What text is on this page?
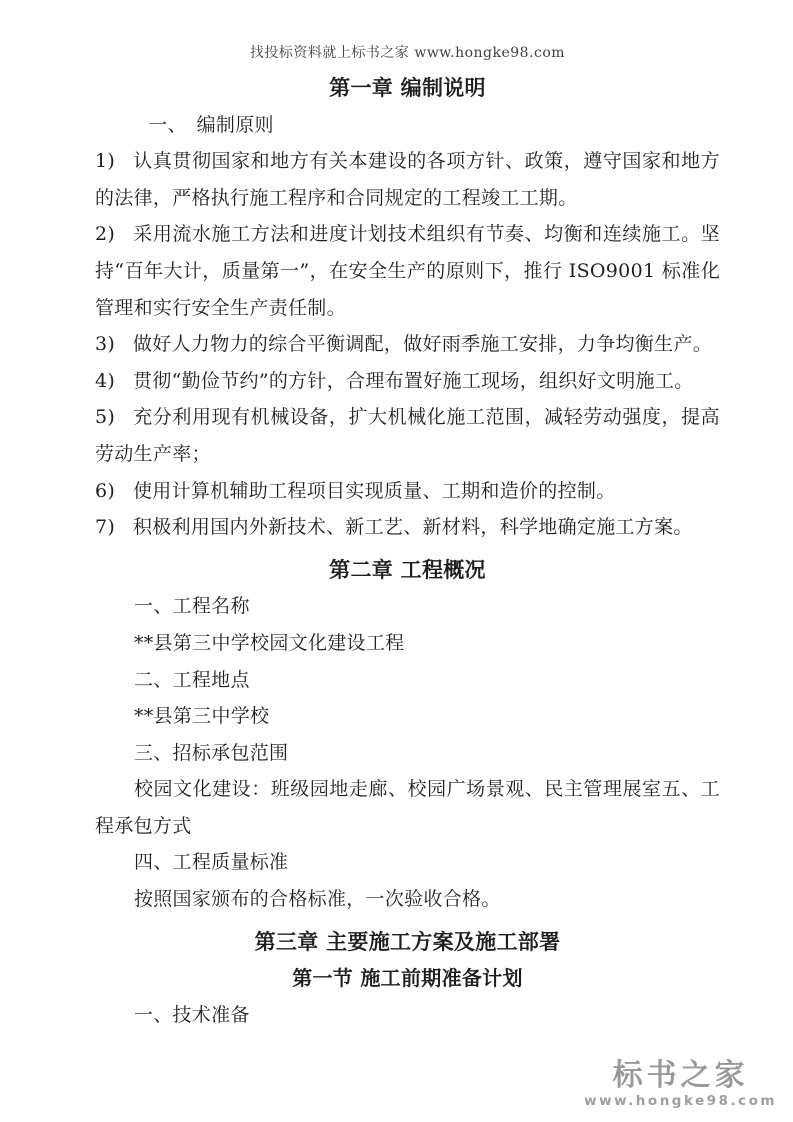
找投标资料就上标书之家 www.hongke98.com

第一章 编制说明

一、　编制原则

1) 认真贯彻国家和地方有关本建设的各项方针、政策，遵守国家和地方的法律，严格执行施工程序和合同规定的工程竣工工期。

2) 采用流水施工方法和进度计划技术组织有节奏、均衡和连续施工。坚持“百年大计，质量第一”，在安全生产的原则下，推行 ISO9001 标准化管理和实行安全生产责任制。

3) 做好人力物力的综合平衡调配，做好雨季施工安排，力争均衡生产。

4) 贯彻“勤俭节约”的方针，合理布置好施工现场，组织好文明施工。

5) 充分利用现有机械设备，扩大机械化施工范围，减轻劳动强度，提高劳动生产率；

6) 使用计算机辅助工程项目实现质量、工期和造价的控制。

7) 积极利用国内外新技术、新工艺、新材料，科学地确定施工方案。

第二章 工程概况

一、工程名称

**县第三中学校园文化建设工程

二、工程地点

**县第三中学校

三、招标承包范围

校园文化建设：班级园地走廊、校园广场景观、民主管理展室五、工程承包方式

四、工程质量标准

按照国家颁布的合格标准，一次验收合格。

第三章 主要施工方案及施工部署

第一节 施工前期准备计划

一、技术准备

标书之家
www.hongke98.com
